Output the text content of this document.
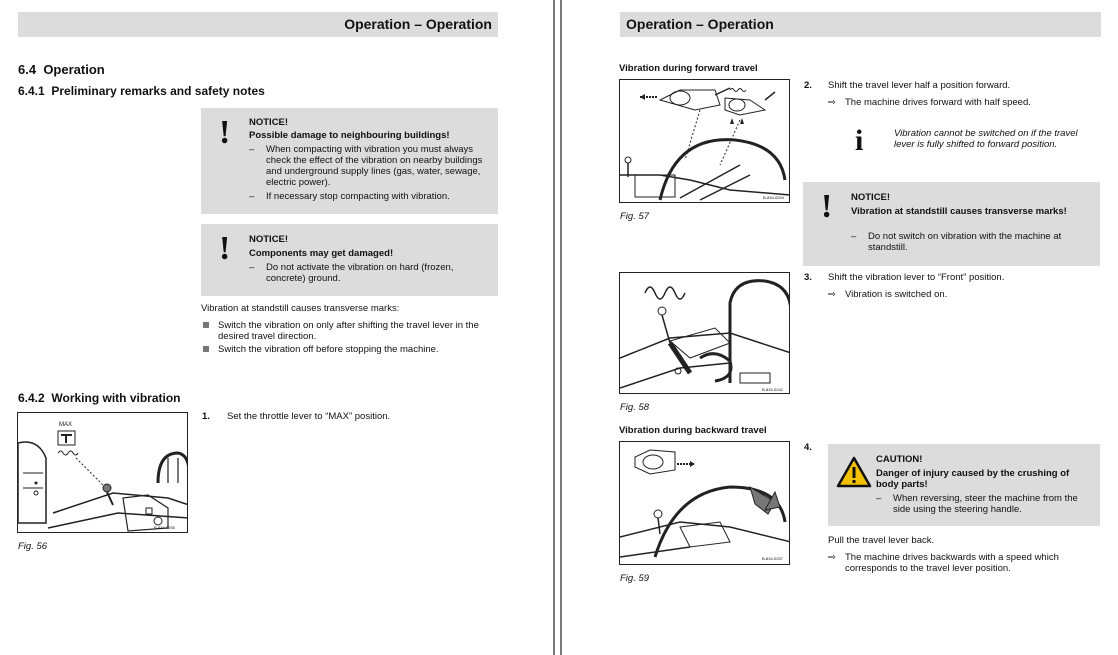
Operation – Operation
6.4 Operation
6.4.1 Preliminary remarks and safety notes
! NOTICE!
Possible damage to neighbouring buildings!
– When compacting with vibration you must always check the effect of the vibration on nearby buildings and underground supply lines (gas, water, sewage, electric power).
– If necessary stop compacting with vibration.
! NOTICE!
Components may get damaged!
– Do not activate the vibration on hard (frozen, concrete) ground.
Vibration at standstill causes transverse marks:
Switch the vibration on only after shifting the travel lever in the desired travel direction.
Switch the vibration off before stopping the machine.
6.4.2 Working with vibration
1. Set the throttle lever to “MAX” position.
MAX
B-834-0255
Fig. 56
Operation – Operation
Vibration during forward travel
B-834-0254
Fig. 57
2. Shift the travel lever half a position forward.
⇨ The machine drives forward with half speed.
i	Vibration cannot be switched on if the travel lever is fully shifted to forward position.
! NOTICE!
Vibration at standstill causes transverse marks!
– Do not switch on vibration with the machine at standstill.
3. Shift the vibration lever to “Front” position.
⇨ Vibration is switched on.
B-834-0242
Fig. 58
Vibration during backward travel
B-834-0257
Fig. 59
4.
CAUTION!
Danger of injury caused by the crushing of body parts!
– When reversing, steer the machine from the side using the steering handle.
Pull the travel lever back.
⇨ The machine drives backwards with a speed which corresponds to the travel lever position.
